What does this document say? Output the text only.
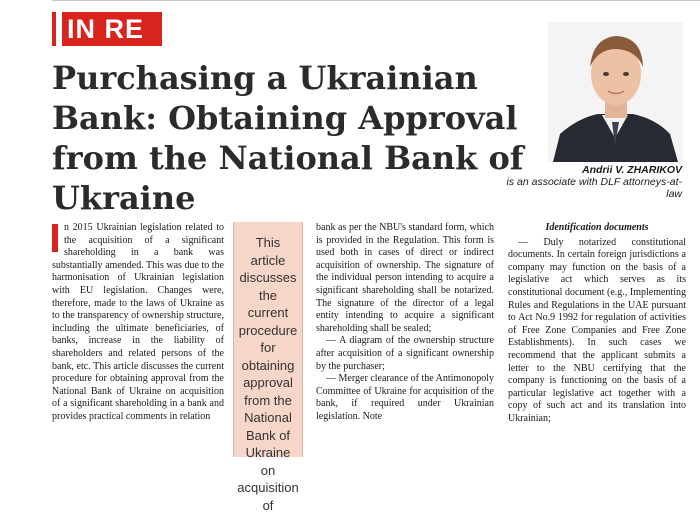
IN RE
Purchasing a Ukrainian Bank: Obtaining Approval from the National Bank of Ukraine
Andrii V. ZHARIKOV
is an associate with DLF attorneys-at-law

n 2015 Ukrainian legislation related to the acquisition of a significant shareholding in a bank was substantially amended. This was due to the harmonisation of Ukrainian legislation with EU legislation. Changes were, therefore, made to the laws of Ukraine as to the transparency of ownership structure, including the ultimate beneficiaries, of banks, increase in the liability of shareholders and related persons of the bank, etc. This article discusses the current procedure for obtaining approval from the National Bank of Ukraine on acquisition of a significant shareholding in a bank and provides practical comments in relation

This article discusses the current procedure for obtaining approval from the National Bank of Ukraine on acquisition of

bank as per the NBU's standard form, which is provided in the Regulation. This form is used both in cases of direct or indirect acquisition of ownership. The signature of the individual person intending to acquire a significant shareholding shall be notarized. The signature of the director of a legal entity intending to acquire a significant shareholding shall be sealed;

— A diagram of the ownership structure after acquisition of a significant ownership by the purchaser;

— Merger clearance of the Antimonopoly Committee of Ukraine for acquisition of the bank, if required under Ukrainian legislation. Note

Identification documents

— Duly notarized constitutional documents. In certain foreign jurisdictions a company may function on the basis of a legislative act which serves as its constitutional document (e.g., Implementing Rules and Regulations in the UAE pursuant to Act No.9 1992 for regulation of activities of Free Zone Companies and Free Zone Establishments). In such cases we recommend that the applicant submits a letter to the NBU certifying that the company is functioning on the basis of a particular legislative act together with a copy of such act and its translation into Ukrainian;
